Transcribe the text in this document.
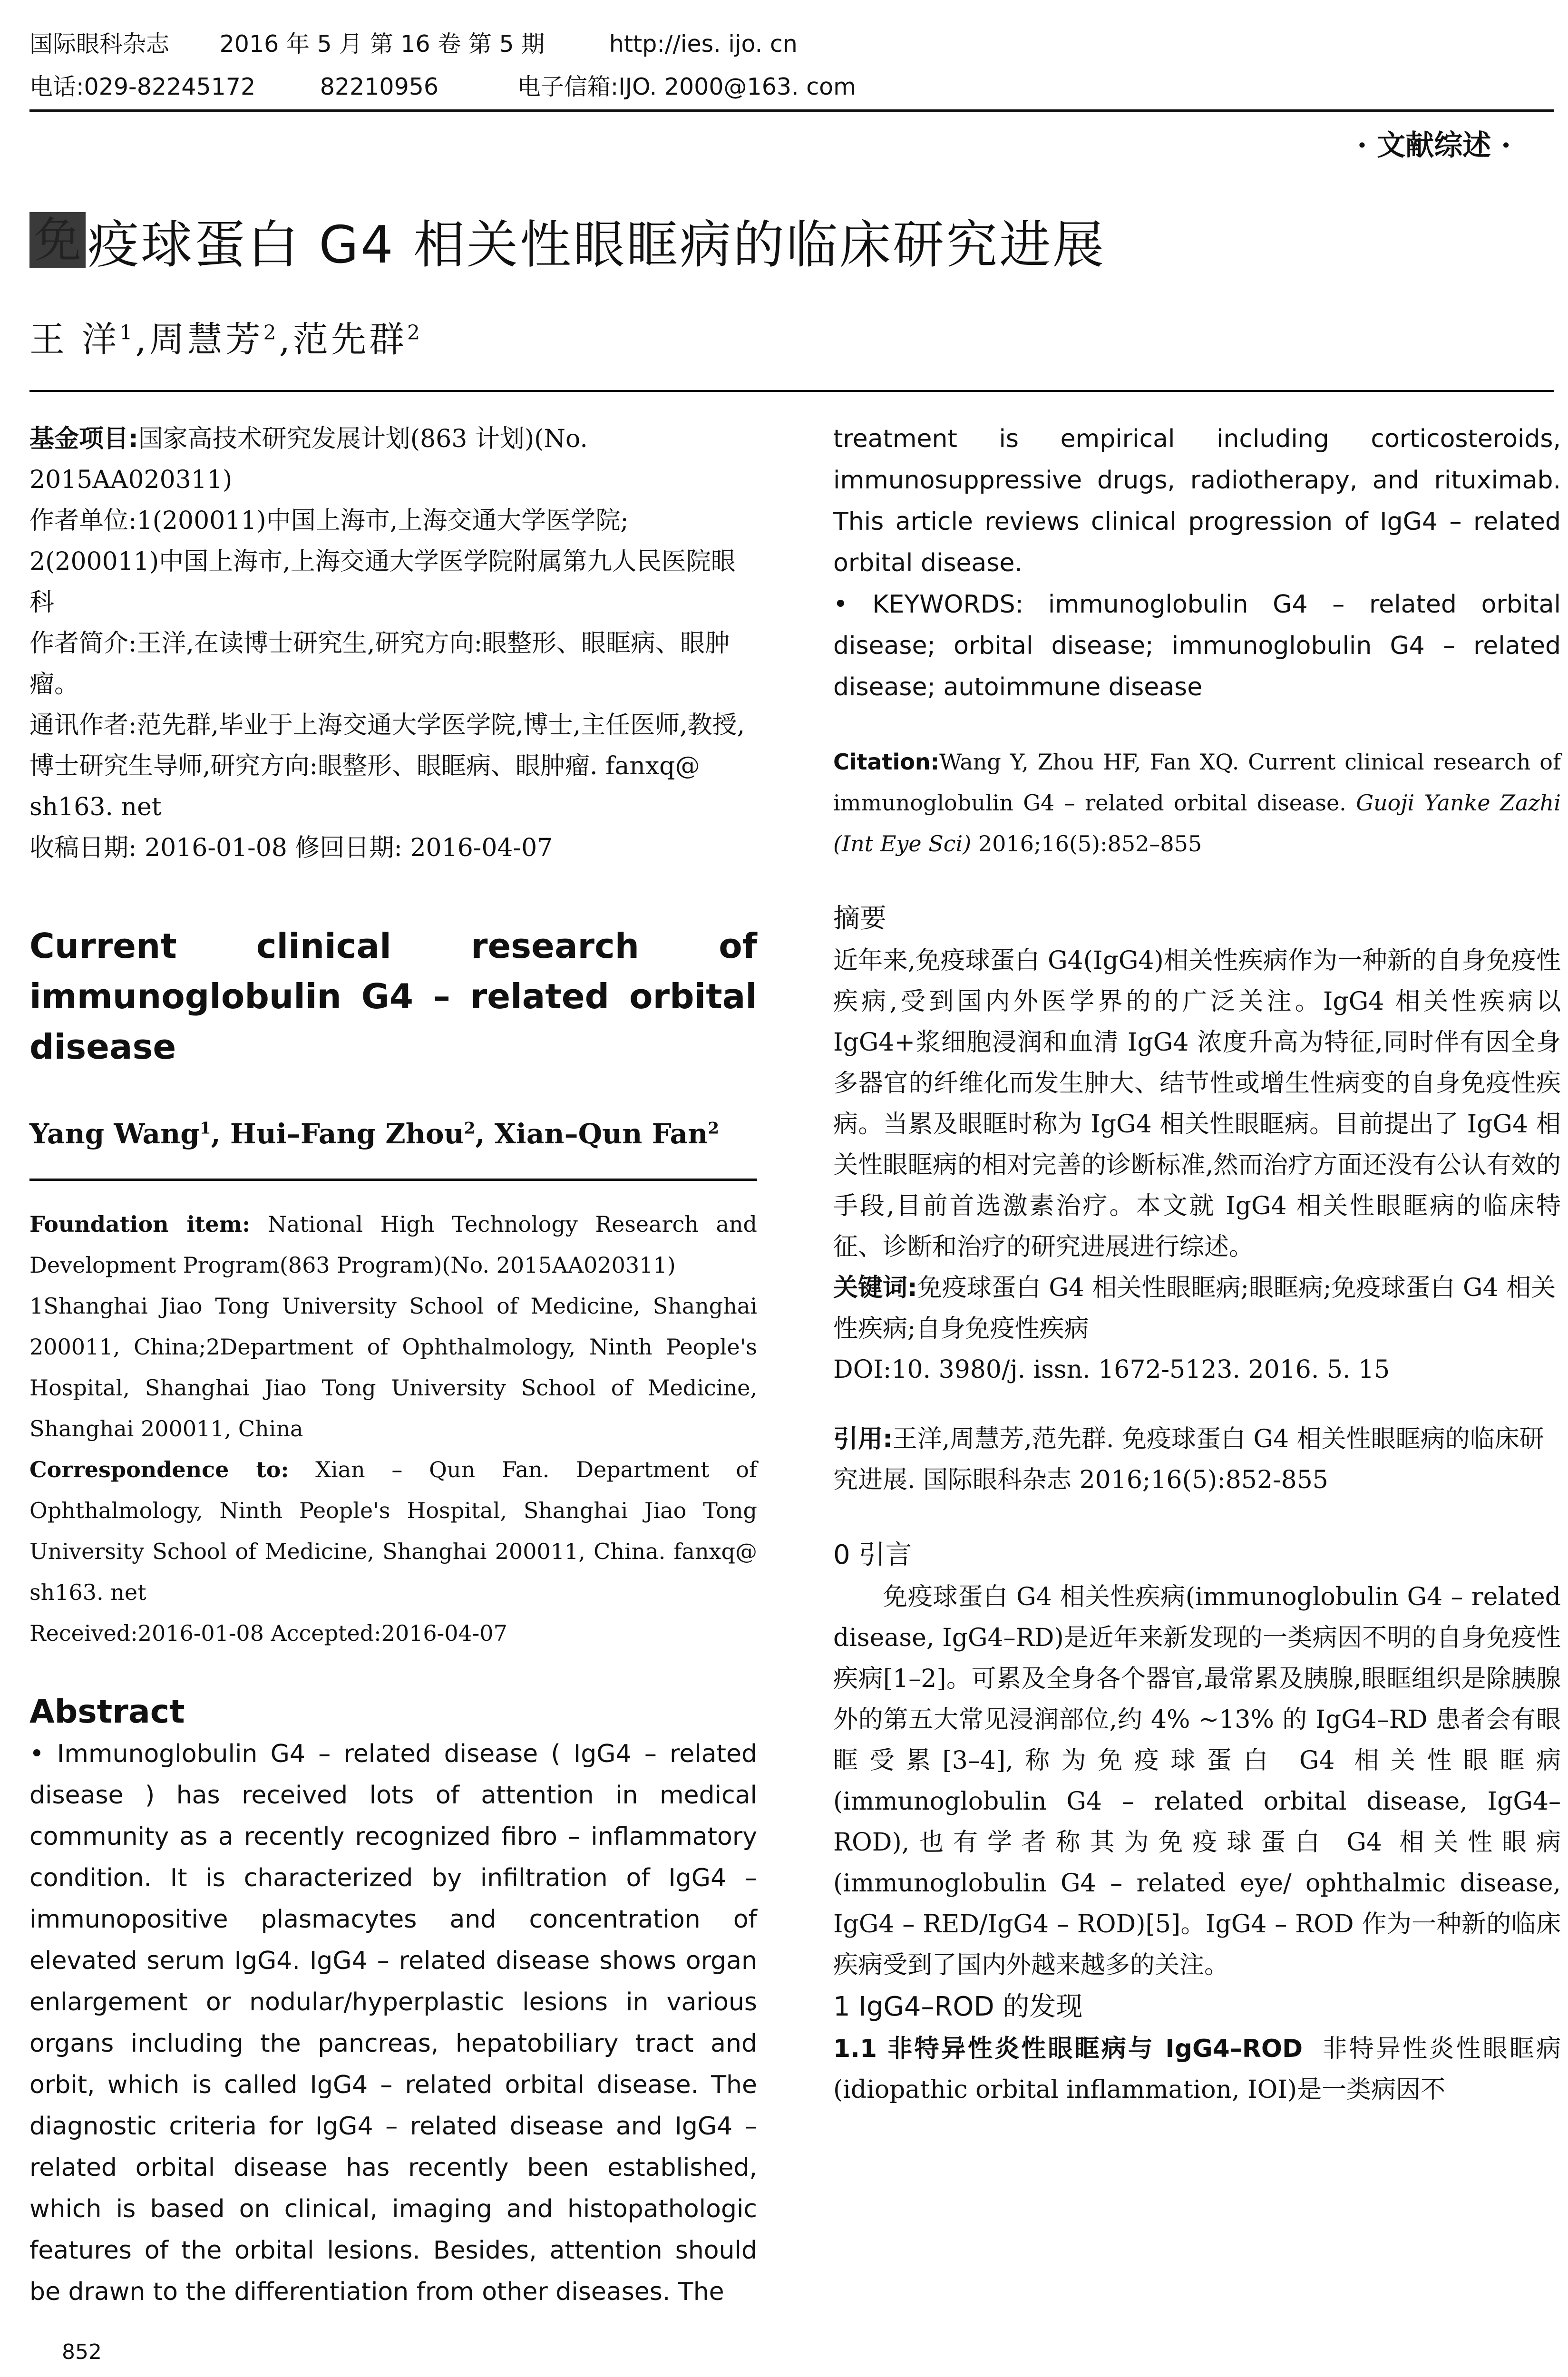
国际眼科杂志 2016 年 5 月 第 16 卷 第 5 期	http://ies. ijo. cn
电话:029-82245172	82210956	电子信箱:IJO. 2000@163. com
· 文献综述 ·
免 疫球蛋白 G4 相关性眼眶病的临床研究进展
王 洋$^1$,周慧芳$^2$,范先群$^2$

基金项目:国家高技术研究发展计划(863 计划)(No. 2015AA020311)

作者单位:1(200011)中国上海市,上海交通大学医学院;

2(200011)中国上海市,上海交通大学医学院附属第九人民医院眼科

作者简介:王洋,在读博士研究生,研究方向:眼整形、眼眶病、眼肿瘤。

通讯作者:范先群,毕业于上海交通大学医学院,博士,主任医师,教授,博士研究生导师,研究方向:眼整形、眼眶病、眼肿瘤. fanxq@ sh163. net

收稿日期: 2016-01-08 修回日期: 2016-04-07

Current clinical research of immunoglobulin G4 – related orbital disease
Yang Wang$^1$, Hui–Fang Zhou$^2$, Xian–Qun Fan$^2$

Foundation item: National High Technology Research and Development Program(863 Program)(No. 2015AA020311)

1Shanghai Jiao Tong University School of Medicine, Shanghai 200011, China;2Department of Ophthalmology, Ninth People's Hospital, Shanghai Jiao Tong University School of Medicine, Shanghai 200011, China

Correspondence to: Xian – Qun Fan. Department of Ophthalmology, Ninth People's Hospital, Shanghai Jiao Tong University School of Medicine, Shanghai 200011, China. fanxq@ sh163. net

Received:2016-01-08 Accepted:2016-04-07

Abstract

• Immunoglobulin G4 – related disease ( IgG4 – related disease ) has received lots of attention in medical community as a recently recognized fibro – inflammatory condition. It is characterized by infiltration of IgG4 – immunopositive plasmacytes and concentration of elevated serum IgG4. IgG4 – related disease shows organ enlargement or nodular/hyperplastic lesions in various organs including the pancreas, hepatobiliary tract and orbit, which is called IgG4 – related orbital disease. The diagnostic criteria for IgG4 – related disease and IgG4 – related orbital disease has recently been established, which is based on clinical, imaging and histopathologic features of the orbital lesions. Besides, attention should be drawn to the differentiation from other diseases. The

treatment is empirical including corticosteroids, immunosuppressive drugs, radiotherapy, and rituximab. This article reviews clinical progression of IgG4 – related orbital disease.

• KEYWORDS: immunoglobulin G4 – related orbital disease; orbital disease; immunoglobulin G4 – related disease; autoimmune disease

Citation:Wang Y, Zhou HF, Fan XQ. Current clinical research of immunoglobulin G4 – related orbital disease. Guoji Yanke Zazhi (Int Eye Sci) 2016;16(5):852–855

摘要

近年来,免疫球蛋白 G4(IgG4)相关性疾病作为一种新的自身免疫性疾病,受到国内外医学界的的广泛关注。IgG4 相关性疾病以 IgG4+浆细胞浸润和血清 IgG4 浓度升高为特征,同时伴有因全身多器官的纤维化而发生肿大、结节性或增生性病变的自身免疫性疾病。当累及眼眶时称为 IgG4 相关性眼眶病。目前提出了 IgG4 相关性眼眶病的相对完善的诊断标准,然而治疗方面还没有公认有效的手段,目前首选激素治疗。本文就 IgG4 相关性眼眶病的临床特征、诊断和治疗的研究进展进行综述。

关键词:免疫球蛋白 G4 相关性眼眶病;眼眶病;免疫球蛋白 G4 相关性疾病;自身免疫性疾病

DOI:10. 3980/j. issn. 1672-5123. 2016. 5. 15

引用:王洋,周慧芳,范先群. 免疫球蛋白 G4 相关性眼眶病的临床研究进展. 国际眼科杂志 2016;16(5):852-855

0 引言

免疫球蛋白 G4 相关性疾病(immunoglobulin G4 – related disease, IgG4–RD)是近年来新发现的一类病因不明的自身免疫性疾病[1–2]。可累及全身各个器官,最常累及胰腺,眼眶组织是除胰腺外的第五大常见浸润部位,约 4% ~13% 的 IgG4–RD 患者会有眼眶受累[3–4],称为免疫球蛋白 G4 相关性眼眶病(immunoglobulin G4 – related orbital disease, IgG4–ROD),也有学者称其为免疫球蛋白 G4 相关性眼病(immunoglobulin G4 – related eye/ ophthalmic disease, IgG4 – RED/IgG4 – ROD)[5]。IgG4 – ROD 作为一种新的临床疾病受到了国内外越来越多的关注。

1 IgG4–ROD 的发现

1.1 非特异性炎性眼眶病与 IgG4–ROD 非特异性炎性眼眶病(idiopathic orbital inflammation, IOI)是一类病因不

852
